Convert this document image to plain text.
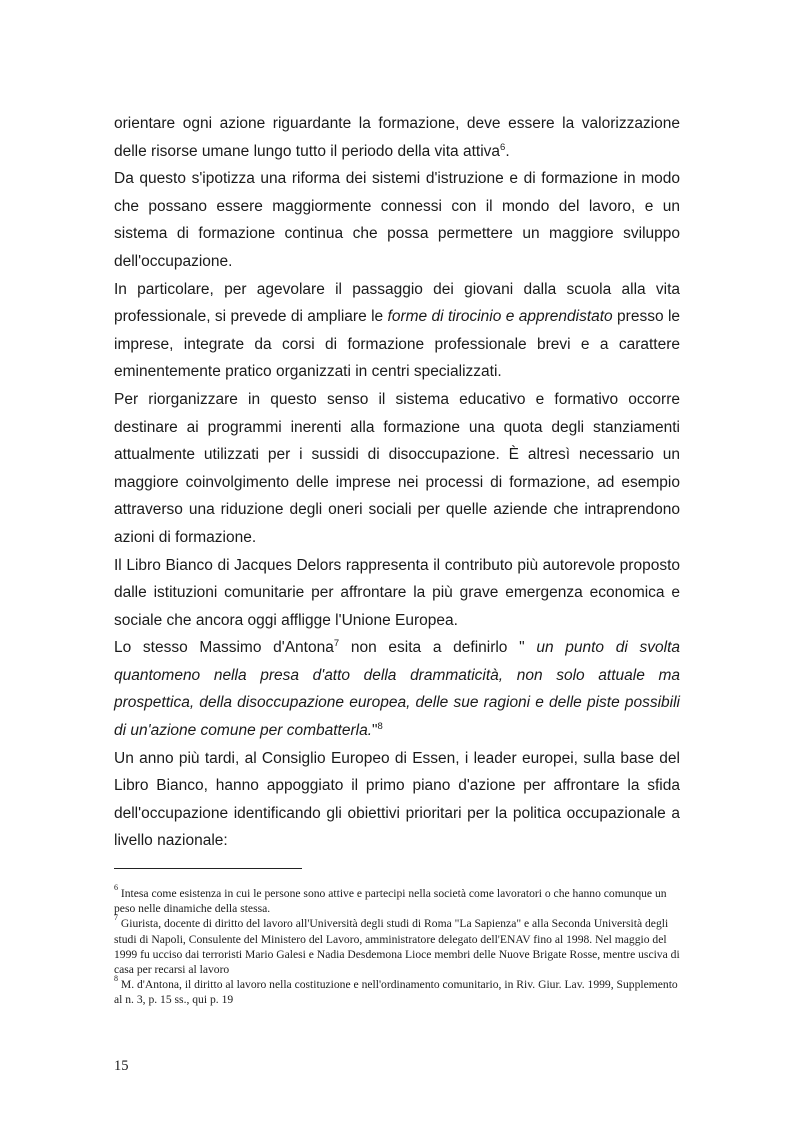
orientare ogni azione riguardante la formazione, deve essere la valorizzazione delle risorse umane lungo tutto il periodo della vita attiva$^6$.

Da questo s'ipotizza una riforma dei sistemi d'istruzione e di formazione in modo che possano essere maggiormente connessi con il mondo del lavoro, e un sistema di formazione continua che possa permettere un maggiore sviluppo dell'occupazione.

In particolare, per agevolare il passaggio dei giovani dalla scuola alla vita professionale, si prevede di ampliare le forme di tirocinio e apprendistato presso le imprese, integrate da corsi di formazione professionale brevi e a carattere eminentemente pratico organizzati in centri specializzati.

Per riorganizzare in questo senso il sistema educativo e formativo occorre destinare ai programmi inerenti alla formazione una quota degli stanziamenti attualmente utilizzati per i sussidi di disoccupazione. È altresì necessario un maggiore coinvolgimento delle imprese nei processi di formazione, ad esempio attraverso una riduzione degli oneri sociali per quelle aziende che intraprendono azioni di formazione.

Il Libro Bianco di Jacques Delors rappresenta il contributo più autorevole proposto dalle istituzioni comunitarie per affrontare la più grave emergenza economica e sociale che ancora oggi affligge l'Unione Europea.

Lo stesso Massimo d'Antona$^7$ non esita a definirlo " un punto di svolta quantomeno nella presa d'atto della drammaticità, non solo attuale ma prospettica, della disoccupazione europea, delle sue ragioni e delle piste possibili di un'azione comune per combatterla."$^8$

Un anno più tardi, al Consiglio Europeo di Essen, i leader europei, sulla base del Libro Bianco, hanno appoggiato il primo piano d'azione per affrontare la sfida dell'occupazione identificando gli obiettivi prioritari per la politica occupazionale a livello nazionale:

$^6$ Intesa come esistenza in cui le persone sono attive e partecipi nella società come lavoratori o che hanno comunque un peso nelle dinamiche della stessa.

$^7$ Giurista, docente di diritto del lavoro all'Università degli studi di Roma "La Sapienza" e alla Seconda Università degli studi di Napoli, Consulente del Ministero del Lavoro, amministratore delegato dell'ENAV fino al 1998. Nel maggio del 1999 fu ucciso dai terroristi Mario Galesi e Nadia Desdemona Lioce membri delle Nuove Brigate Rosse, mentre usciva di casa per recarsi al lavoro

$^8$ M. d'Antona, il diritto al lavoro nella costituzione e nell'ordinamento comunitario, in Riv. Giur. Lav. 1999, Supplemento al n. 3, p. 15 ss., qui p. 19

15
